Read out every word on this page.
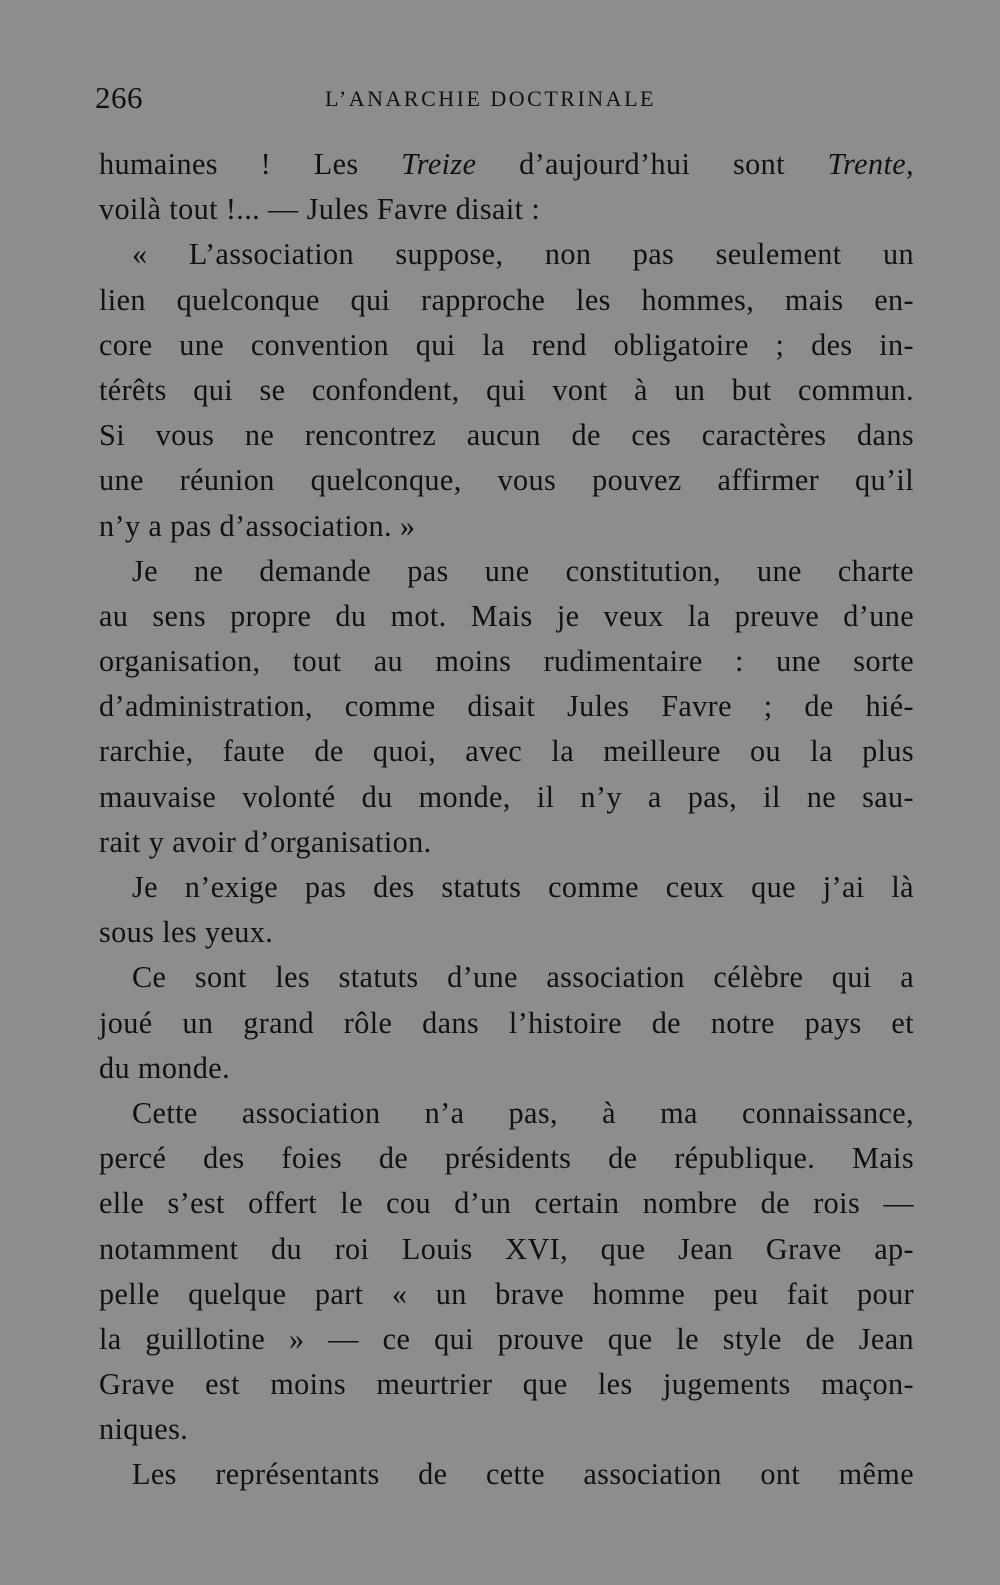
266	L’ANARCHIE DOCTRINALE
humaines ! Les Treize d’aujourd’hui sont Trente,
voilà tout !... — Jules Favre disait :
« L’association suppose, non pas seulement un
lien quelconque qui rapproche les hommes, mais en-
core une convention qui la rend obligatoire ; des in-
térêts qui se confondent, qui vont à un but commun.
Si vous ne rencontrez aucun de ces caractères dans
une réunion quelconque, vous pouvez affirmer qu’il
n’y a pas d’association. »
Je ne demande pas une constitution, une charte
au sens propre du mot. Mais je veux la preuve d’une
organisation, tout au moins rudimentaire : une sorte
d’administration, comme disait Jules Favre ; de hié-
rarchie, faute de quoi, avec la meilleure ou la plus
mauvaise volonté du monde, il n’y a pas, il ne sau-
rait y avoir d’organisation.
Je n’exige pas des statuts comme ceux que j’ai là
sous les yeux.
Ce sont les statuts d’une association célèbre qui a
joué un grand rôle dans l’histoire de notre pays et
du monde.
Cette association n’a pas, à ma connaissance,
percé des foies de présidents de république. Mais
elle s’est offert le cou d’un certain nombre de rois —
notamment du roi Louis XVI, que Jean Grave ap-
pelle quelque part « un brave homme peu fait pour
la guillotine » — ce qui prouve que le style de Jean
Grave est moins meurtrier que les jugements maçon-
niques.
Les représentants de cette association ont même
